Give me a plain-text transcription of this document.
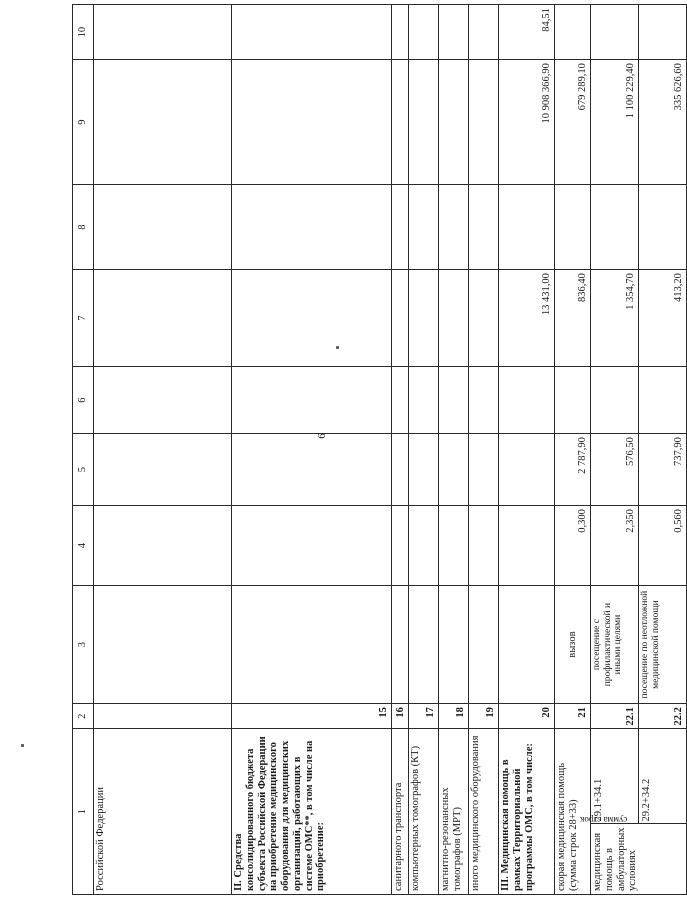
6
1		2	3	4	5	6	7	8	9	10
Российской Федерации										
II. Средства консолидированного бюджета субъекта Российской Федерации на приобретение медицинского оборудования для медицинских организаций, работающих в системе ОМС**, в том числе на приобретение:		15								
санитарного транспорта		16								
компьютерных томографов (КТ)		17								
магнитно-резонансных томографов (МРТ)		18								
иного медицинского оборудования		19								
III. Медицинская помощь в рамках Территориальной программы ОМС, в том числе:		20					13 431,00		10 908 366,90	84,51
скорая медицинская помощь (сумма строк 28+33)		21	вызов	0,300	2 787,90		836,40		679 289,10	
медицинская помощь в амбулаторных условиях	29.1+34.1	22.1	посещение с профилактической и иными целями	2,350	576,50		1 354,70		1 100 229,40	

	29.2+34.2	22.2	посещение по неотложной медицинской помощи	0,560	737,90		413,20		335 626,60	
сумма строк
